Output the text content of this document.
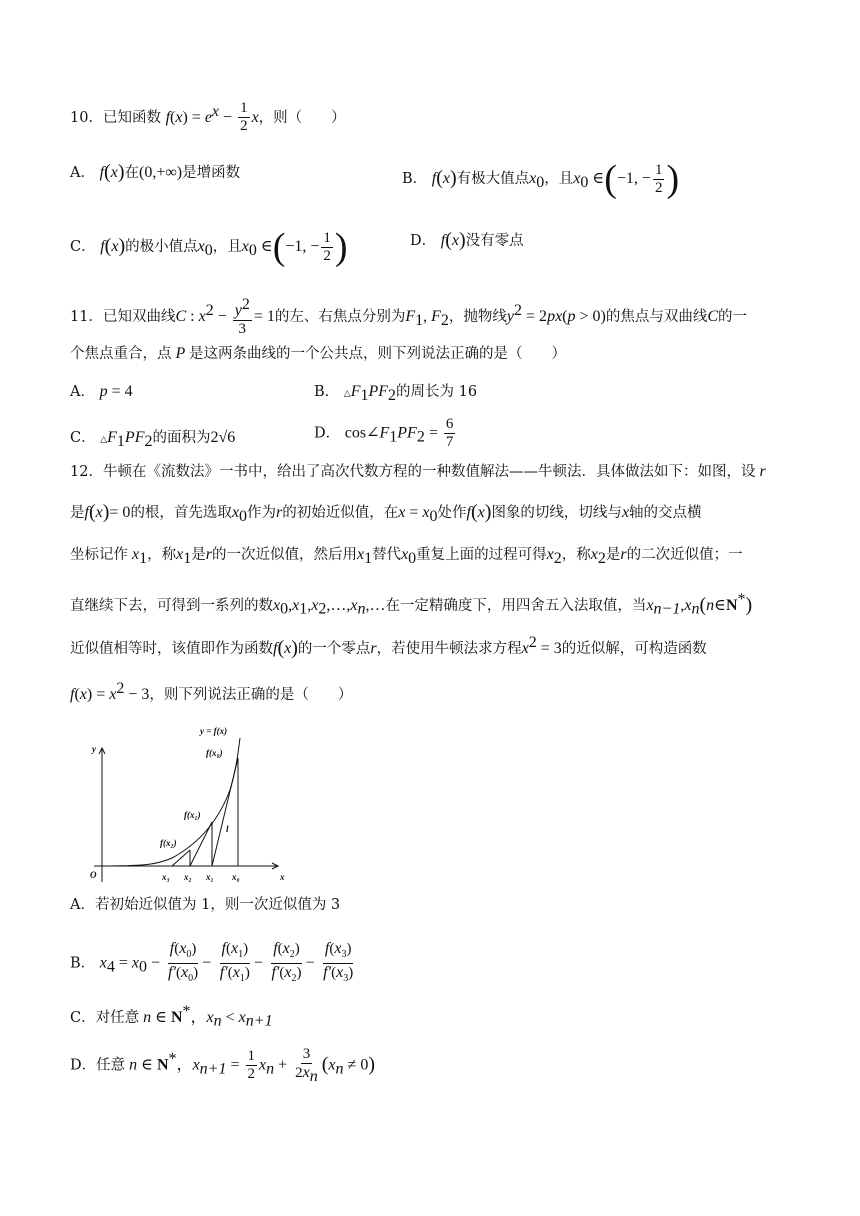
10．已知函数 $f(x) = e^x - \frac{1}{2}$ x，则（　　）
A． f(x)在(0,+∞)是增函数	B． f(x)有极大值点$x_0$，且$x_0$ ∈(−1, − $\frac{1}{2}$ )
C． f(x)的极小值点$x_0$，且$x_0$ ∈(−1, − $\frac{1}{2}$ )	D． f(x)没有零点
11．已知双曲线C : $x^2 - \frac{y^2}{3} = 1$的左、右焦点分别为$F_1$, $F_2$，抛物线$y^2 = 2px(p > 0)$的焦点与双曲线C的一
个焦点重合，点 P 是这两条曲线的一个公共点，则下列说法正确的是（　　）
A． p = 4	B． $\triangle F_1PF_2$的周长为 16
C． $\triangle F_1PF_2$的面积为2√6	D． $\cos\angle F_1PF_2 = \frac{6}{7}$
12．牛顿在《流数法》一书中，给出了高次代数方程的一种数值解法——牛顿法．具体做法如下：如图，设 r
是f(x)= 0的根，首先选取$x_0$作为r的初始近似值，在$x = x_0$处作f(x)图象的切线，切线与x轴的交点横
坐标记作 $x_1$，称$x_1$是r的一次近似值，然后用$x_1$替代$x_0$重复上面的过程可得$x_2$，称$x_2$是r的二次近似值；一
直继续下去，可得到一系列的数$x_0,x_1,x_2,\dots,x_n,\dots$在一定精确度下，用四舍五入法取值，当$x_{n-1},x_n(n\in N^*)$
近似值相等时，该值即作为函数f(x)的一个零点r，若使用牛顿法求方程$x^2 = 3$的近似解，可构造函数
$f(x) = x^2 - 3$，则下列说法正确的是（　　）
y = f(x)
y
x
O
f(x₀)
f(x₁)
f(x₂)
l
x₃ x₂ x₁ x₀
A．若初始近似值为 1，则一次近似值为 3
B． $x_4 = x_0 - \frac{f(x_0)}{f'(x_0)} - \frac{f(x_1)}{f'(x_1)} - \frac{f(x_2)}{f'(x_2)} - \frac{f(x_3)}{f'(x_3)}$
C．对任意 n ∈ N*，$x_n < x_{n+1}$
D．任意 n ∈ N*，$x_{n+1} = \frac{1}{2} x_n + \frac{3}{2x_n} (x_n \ne 0)$
